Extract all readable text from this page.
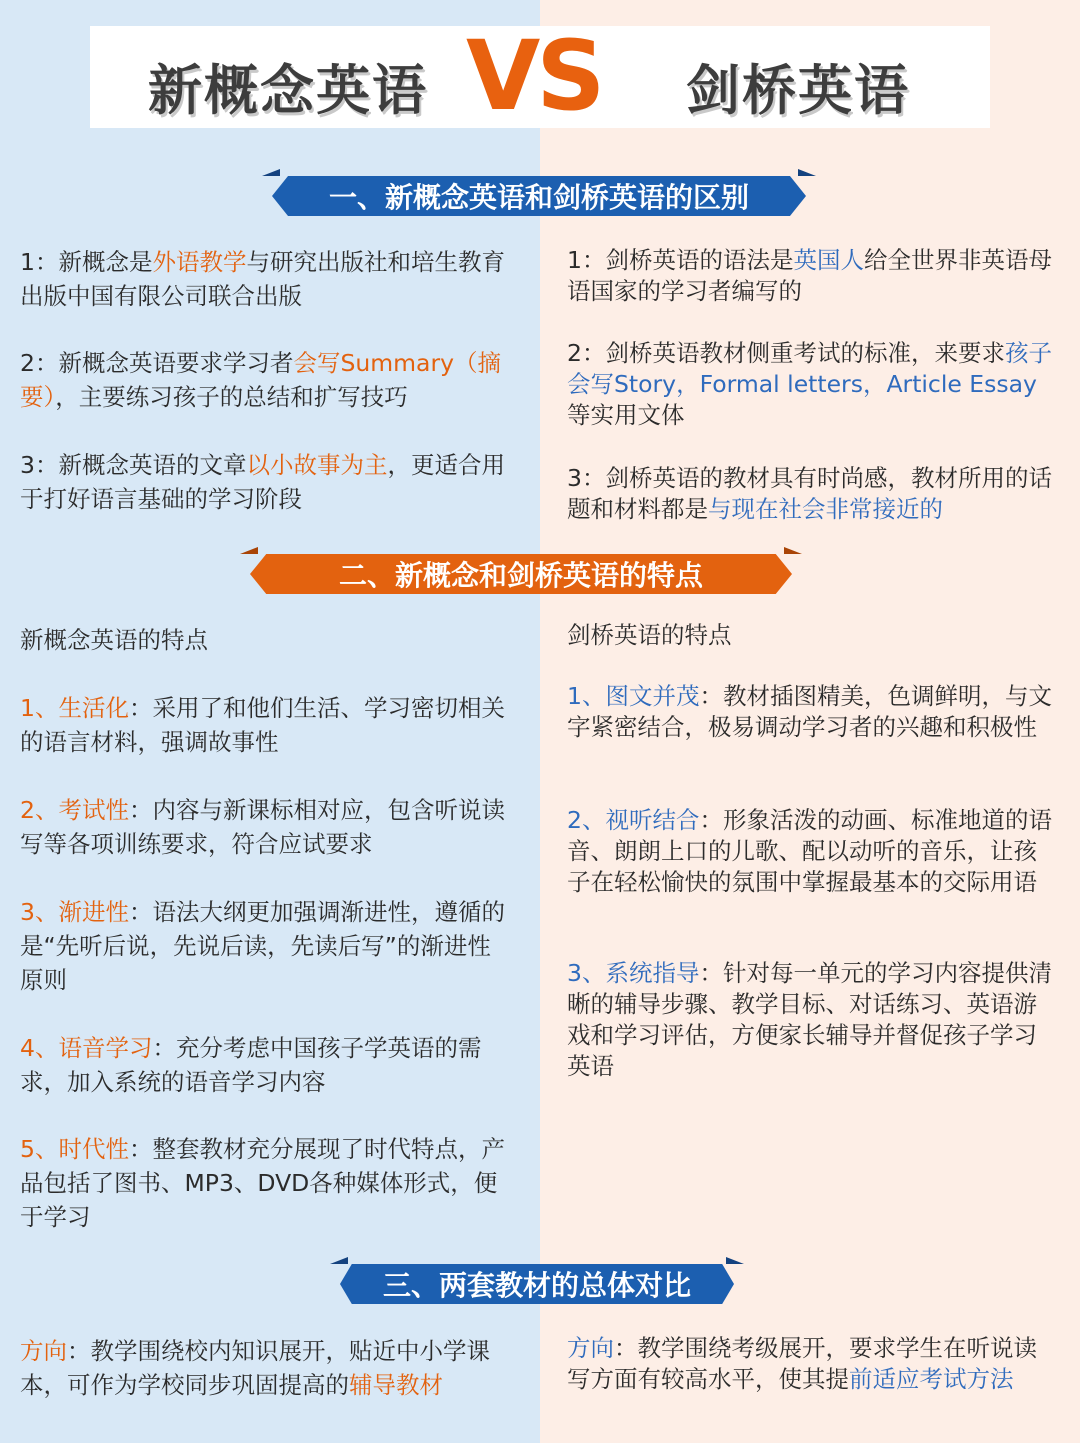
新概念英语 VS 剑桥英语
一、新概念英语和剑桥英语的区别
1：新概念是外语教学与研究出版社和培生教育出版中国有限公司联合出版
2：新概念英语要求学习者会写Summary（摘要），主要练习孩子的总结和扩写技巧
3：新概念英语的文章以小故事为主，更适合用于打好语言基础的学习阶段
1：剑桥英语的语法是英国人给全世界非英语母语国家的学习者编写的
2：剑桥英语教材侧重考试的标准，来要求孩子会写Story，Formal letters，Article Essay等实用文体
3：剑桥英语的教材具有时尚感，教材所用的话题和材料都是与现在社会非常接近的
二、新概念和剑桥英语的特点
新概念英语的特点
1、生活化：采用了和他们生活、学习密切相关的语言材料，强调故事性
2、考试性：内容与新课标相对应，包含听说读写等各项训练要求，符合应试要求
3、渐进性：语法大纲更加强调渐进性，遵循的是“先听后说，先说后读，先读后写”的渐进性原则
4、语音学习：充分考虑中国孩子学英语的需求，加入系统的语音学习内容
5、时代性：整套教材充分展现了时代特点，产品包括了图书、MP3、DVD各种媒体形式，便于学习
剑桥英语的特点
1、图文并茂：教材插图精美，色调鲜明，与文字紧密结合，极易调动学习者的兴趣和积极性
2、视听结合：形象活泼的动画、标准地道的语音、朗朗上口的儿歌、配以动听的音乐，让孩子在轻松愉快的氛围中掌握最基本的交际用语
3、系统指导：针对每一单元的学习内容提供清晰的辅导步骤、教学目标、对话练习、英语游戏和学习评估，方便家长辅导并督促孩子学习英语
三、两套教材的总体对比
方向：教学围绕校内知识展开，贴近中小学课本，可作为学校同步巩固提高的辅导教材
方向：教学围绕考级展开，要求学生在听说读写方面有较高水平，使其提前适应考试方法
